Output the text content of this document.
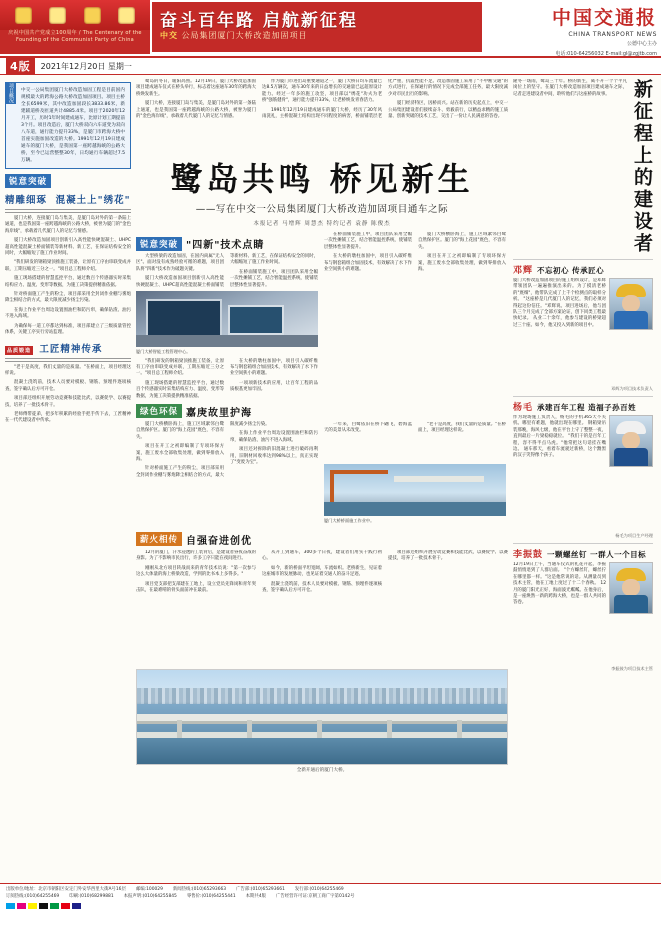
庆祝中国共产党成立100周年 / The Centenary of the Founding of the Communist Party of China
奋斗百年路 启航新征程
中交 公局集团厦门大桥改造加固项目
中国交通报
CHINA TRANSPORT NEWS
公德中心主办
电话:010-64256032 E-mail:gl@zgjtb.com
4版	2021年12月20日 星期一
项目概况	中交一公局集团厦门大桥改造加固工程是目前国内规模最大的跨海公路大桥改造加固项目。项目主桥全长6599米，其中改造加固段长3833.86米，新建辅道桥及匝道共计4885.4米。项目于2020年12月开工，历时1年时间建成通车，比原计划工期提前3个月。项目改造后，厦门大桥双向六车道变为双向八车道，通行能力提升33%，是厦门市跨海大桥中首座实施加固改造的大桥。1991年12月19日建成通车的厦门大桥，是我国第一座跨越海峡的公路大桥，至今已运营整整30年，日均通行车辆超过7.5万辆。
锐意突破
精雕细琢  混凝土上"绣花"

厦门大桥，连接厦门岛与集美，是厦门岛对外的第一条陆上通道，也是我国第一座跨越海峡的公路大桥，被誉为厦门的"金色海岸线"，承载着几代厦门人的记忆与情感。

厦门大桥改造加固项目创新引入高性能快硬混凝土、UHPC超高性能混凝土桥面铺装等新材料、新工艺，在保证结构安全的同时，大幅缩短了施工作业时间。

"我们研发的钢箱梁顶推施工装备，让原有工序由串联变成并联，工期压缩近三分之一。"项目总工程师介绍。

施工现场搭建的智慧监控平台，通过数百个传感器实时采集结构应力、温度、变形等数据，为施工决策提供精准依据。

针对桥面施工产生的粉尘，项目部采用全封闭作业棚与雾炮降尘相结合的方式，最大限度减少扬尘污染。

在海上作业平台周边设置围油栏和防污帘，确保钻渣、油污不进入海域。

为确保每一道工序都达到标准，项目部建立了三级质量管控体系，关键工序实行旁站监理。

品质锻造 工匠精神传承

"老干是高度，我们丈量的是质量。"在桥面上，项目经理这样说。

混凝土浇筑前，技术人员要对模板、钢筋、预埋件逐项核查，签字确认后方可开仓。

项目部还组织开展劳动竞赛和技能比武，以赛促学、以赛提技，培养了一批技术骨干。

老师傅带徒弟，把多年积累的经验手把手传下去，工匠精神在一代代建设者中传承。

鹭岛的冬日，暖阳高照。12月19日，厦门大桥改造加固项目建成通车仪式在桥头举行，标志着这座通车30年的跨海大桥焕发新生。

厦门大桥，连接厦门岛与集美，是厦门岛对外的第一条陆上通道，也是我国第一座跨越海峡的公路大桥，被誉为厦门的"金色海岸线"，承载着几代厦门人的记忆与情感。

作为厦门市进出岛重要通道之一，厦门大桥日均车流量已达8.5万辆次，通车30年来的日益增长的交通量已远超原设计能力。经过一年多的施工攻坚，项目部以"绣花"功夫为老桥"强筋健骨"，通行能力提升33%，让老桥焕发青春活力。

1991年12月19日建成通车的厦门大桥，经历了30年风雨洗礼，主桥混凝土结构出现不同程度的病害，桥面铺装层老化严重，抗震性能不足。改造加固施工采用了"不中断交通"的方式进行，在保通行的情况下完成全部施工任务，最大限度减少对市民出行的影响。

厦门经济特区，因桥而兴。站在新的历史起点上，中交一公局集团建设者们接续奋斗、勇毅前行，以精益求精的施工质量、创新突破的技术工艺，交出了一份让人民满意的答卷。

鹭岛共鸣 桥见新生
——写在中交一公局集团厦门大桥改造加固项目通车之际
本报记者 马增辉 周慧杰 特约记者 袁静 陈俊杰
锐意突破 "四新"技术点睛

大型桥梁的改造加固，在国内尚属"无人区"。面对没有成熟经验可循的难题，项目团队将"四新"技术作为破题关键。

厦门大桥改造加固项目创新引入高性能快硬混凝土、UHPC超高性能混凝土桥面铺装等新材料、新工艺，在保证结构安全的同时，大幅缩短了施工作业时间。

在桥面铺装施工中，项目团队采用全幅一次性摊铺工艺，结合智能温控系统，使铺装层整体性显著提升。

厦门大桥智能工程管理中心。

"我们研发的钢箱梁顶推施工装备，让原有工序由串联变成并联，工期压缩近三分之一。"项目总工程师介绍。

施工现场搭建的智慧监控平台，通过数百个传感器实时采集结构应力、温度、变形等数据，为施工决策提供精准依据。

在大桥的墩柱加固中，项目引入碳纤维布与钢套箱组合加固技术，有效解决了水下作业空间狭小的难题。

一项项新技术的应用，让百年工程的品质根基更加牢固。

在桥面铺装施工中，项目团队采用全幅一次性摊铺工艺，结合智能温控系统，使铺装层整体性显著提升。

在大桥的墩柱加固中，项目引入碳纤维布与钢套箱组合加固技术，有效解决了水下作业空间狭小的难题。

厦门大桥横卧海上，施工区域紧邻白鹭自然保护区。厦门的"海上花园"底色，不容有失。

项目在开工之初即编制了专项环保方案，施工废水全部收集处理，做到零排放入海。

绿色环保 嘉庚故里护海

厦门大桥横卧海上，施工区域紧邻白鹭自然保护区。厦门的"海上花园"底色，不容有失。

项目在开工之初即编制了专项环保方案，施工废水全部收集处理，做到零排放入海。

针对桥面施工产生的粉尘，项目部采用全封闭作业棚与雾炮降尘相结合的方式，最大限度减少扬尘污染。

在海上作业平台周边设置围油栏和防污帘，确保钻渣、油污不进入海域。

项目还对拆除的旧混凝土进行破碎再利用，旧钢材回收率达到98%以上，真正实现了"变废为宝"。

一年来，白鹭依旧在桥下翩飞，碧海蓝天的美景从未改变。

"老干是高度，我们丈量的是质量。"在桥面上，项目经理这样说。

厦门大桥桥面施工作业中。
薪火相传 自强奋进创优

12月的厦门，汗水浸透的工装背后，是建设者昼夜奋战的身影。为了不影响市民出行，许多工序只能在夜间进行。

刚刚从北方项目转战而来的青年技术员说："第一次参与这么大体量的海上桥梁改造，学到的比书本上多得多。"

项目党支部把支部建在工地上，设立党员先锋岗和青年突击队，在最难啃的骨头面前冲在最前。

从开工到通车，300多个日夜，建设者们用实干践行初心。

如今，新的桥面平坦宽阔，车流如织。老桥新生，见证着这座城市的发展脉动，也见证着交通人的奋斗足迹。

混凝土浇筑前，技术人员要对模板、钢筋、预埋件逐项核查，签字确认后方可开仓。

项目部还组织开展劳动竞赛和技能比武，以赛促学、以赛提技，培养了一批技术骨干。

全新开通后的厦门大桥。
隆冬一场雨，鹭岛三十年。桥的新生，离不开一个个平凡岗位上的坚守。在厦门大桥改造加固项目建成通车之际，记者走进建设者中间，聆听他们与这座桥的故事。	新征程上的建设者
邓辉 不忘初心 传承匠心
厦门大桥改造加固项目的施工组织设计，是邓辉带领团队一遍遍推演出来的。为了摸清老桥的"底细"，他带队完成了上千个检测点的取样分析。 "这座桥是几代厦门人的记忆，我们必须对得起这份信任。"邓辉说。项目进场后，他与团队三个月完成了全部方案论证，创下同类工程最快纪录。 从业二十余年，他参与建设的桥梁超过三十座。如今，他又投入到新的项目中。
邓辉为项目技术负责人
杨毛 承建百年工程 造福子孙百姓
作为现场施工负责人，杨毛的手机365天不关机。哪里有难题，他就出现在哪里。 钢箱梁吊装那晚，海风七级，他在平台上守了整整一夜，直到最后一片梁稳稳就位。 "我们干的是百年工程，容不得半点马虎。"他常把这句话挂在嘴边。 通车那天，看着车流驶过新桥，这个黝黑的汉子笑得像个孩子。
杨毛为项目生产经理
李振鼓 一颗螺丝钉 一群人一个目标
12月19日上午，当通车仪式的礼花升起，李振鼓悄悄退到了人群后面。 "个方螺丝钉，螺丝拧在哪里都一样。"这是他常说的话。从测量员到技术主管，他在工地上度过了十二个春秋。 12月的厦门阳光正好，海面波光粼粼。在他身后，是一座焕然一新的跨海大桥，也是一群人共同的答卷。
李振鼓为项目技术主管
出版单位/地址：北京市朝阳区安定门外安华西里大街A号16层 邮编:100029 新闻热线:(010)65293663 广告部:(010)65293661 发行部:(010)64255469
订阅热线:(010)64255469 印刷:(010)68299881 本报声明:(010)64255845 零售价:(010)64255441 本期共4版 广告经营许可证:京朝工商广字第0142号
